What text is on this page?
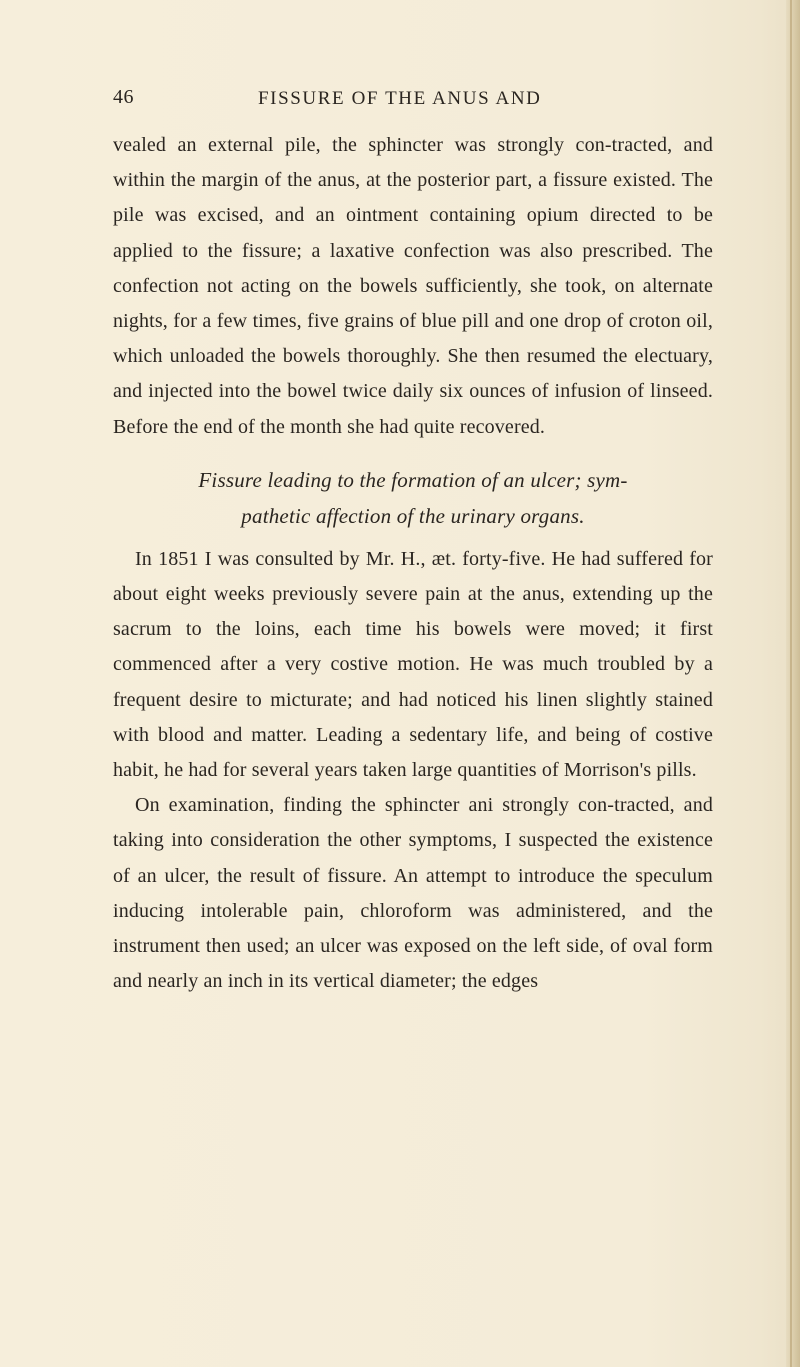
46	FISSURE OF THE ANUS AND

vealed an external pile, the sphincter was strongly con-tracted, and within the margin of the anus, at the posterior part, a fissure existed. The pile was excised, and an ointment containing opium directed to be applied to the fissure; a laxative confection was also prescribed. The confection not acting on the bowels sufficiently, she took, on alternate nights, for a few times, five grains of blue pill and one drop of croton oil, which unloaded the bowels thoroughly. She then resumed the electuary, and injected into the bowel twice daily six ounces of infusion of linseed. Before the end of the month she had quite recovered.

Fissure leading to the formation of an ulcer; sym-
pathetic affection of the urinary organs.

In 1851 I was consulted by Mr. H., æt. forty-five. He had suffered for about eight weeks previously severe pain at the anus, extending up the sacrum to the loins, each time his bowels were moved; it first commenced after a very costive motion. He was much troubled by a frequent desire to micturate; and had noticed his linen slightly stained with blood and matter. Leading a sedentary life, and being of costive habit, he had for several years taken large quantities of Morrison's pills.

On examination, finding the sphincter ani strongly con-tracted, and taking into consideration the other symptoms, I suspected the existence of an ulcer, the result of fissure. An attempt to introduce the speculum inducing intolerable pain, chloroform was administered, and the instrument then used; an ulcer was exposed on the left side, of oval form and nearly an inch in its vertical diameter; the edges
